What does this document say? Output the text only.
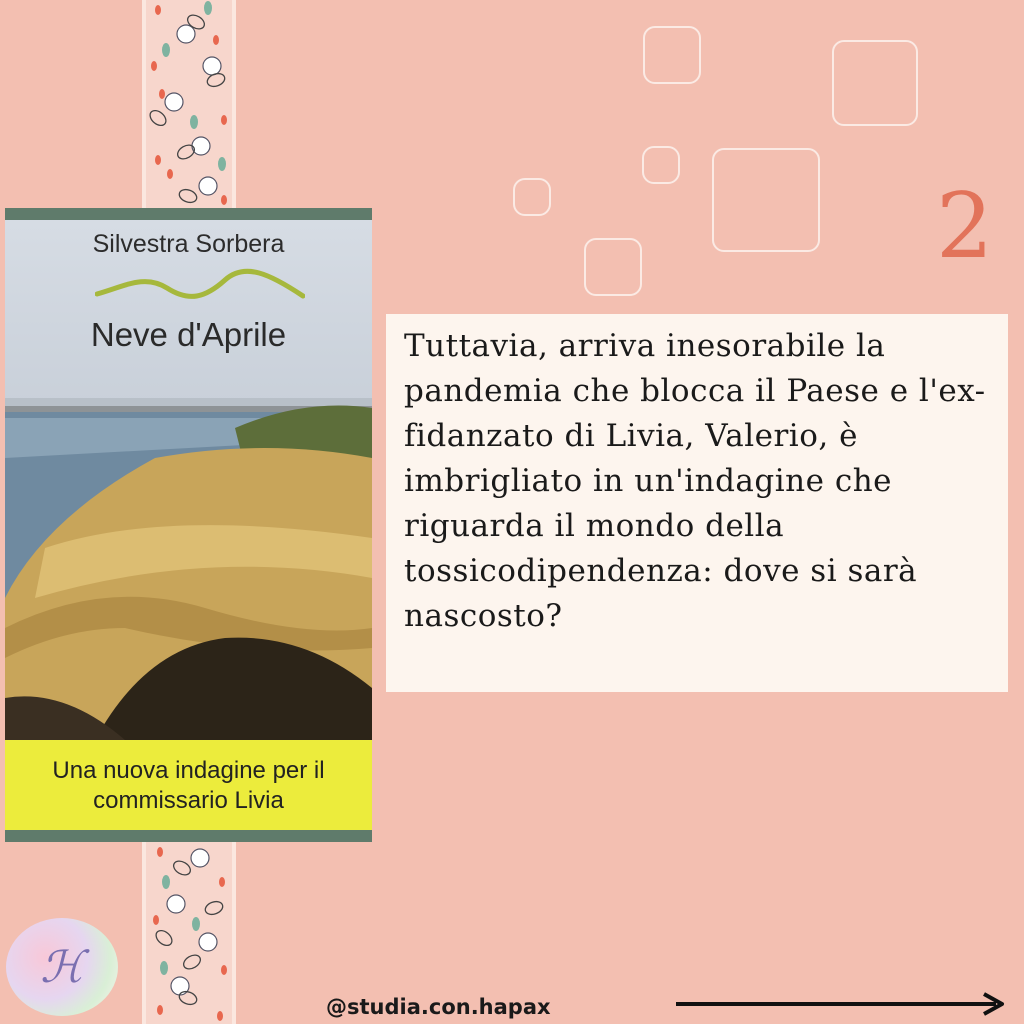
2
Silvestra Sorbera
Neve d'Aprile
Una nuova indagine per il
commissario Livia

Tuttavia, arriva inesorabile la pandemia che blocca il Paese e l'ex-fidanzato di Livia, Valerio, è imbrigliato in un'indagine che riguarda il mondo della tossicodipendenza: dove si sarà nascosto?

ℋ
@studia.con.hapax
